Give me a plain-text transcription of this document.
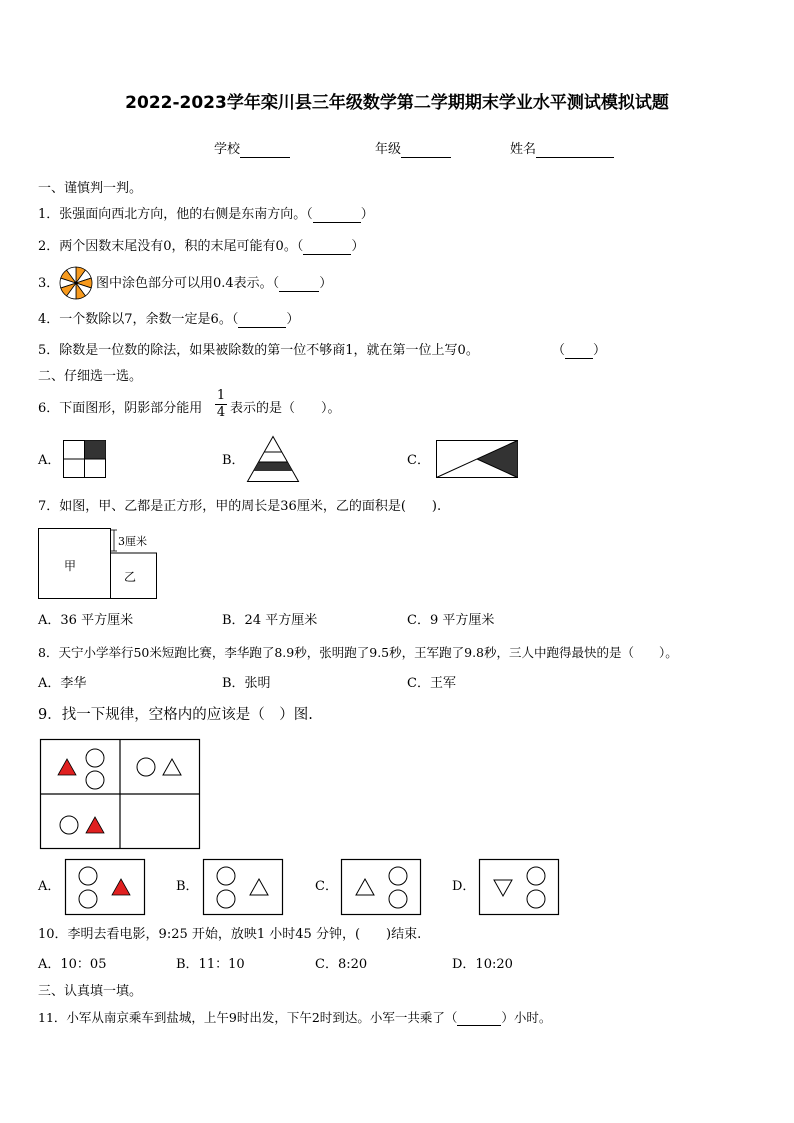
2022-2023学年栾川县三年级数学第二学期期末学业水平测试模拟试题
学校	年级	姓名
一、谨慎判一判。
1．张强面向西北方向，他的右侧是东南方向。（	）
2．两个因数末尾没有0，积的末尾可能有0。（	）
3．	图中涂色部分可以用0.4表示。（	）
4．一个数除以7，余数一定是6。（	）
5．除数是一位数的除法，如果被除数的第一位不够商1，就在第一位上写0。	（ ）
二、仔细选一选。
6．下面图形，阴影部分能用 $\frac{1}{4}$ 表示的是（　　）。
A．	B．	C．
7．如图，甲、乙都是正方形，甲的周长是36厘米，乙的面积是(　　).
甲
乙
3厘米
A．36 平方厘米	B．24 平方厘米	C．9 平方厘米
8．天宁小学举行50米短跑比赛，李华跑了8.9秒，张明跑了9.5秒，王军跑了9.8秒，三人中跑得最快的是（　　）。
A．李华	B．张明	C．王军
9．找一下规律，空格内的应该是（　）图.
A．	B．	C．	D．
10．李明去看电影，9:25 开始，放映1 小时45 分钟，(　　)结束.
A．10：05	B．11：10	C．8:20	D．10:20
三、认真填一填。
11．小军从南京乘车到盐城，上午9时出发，下午2时到达。小军一共乘了（	）小时。
